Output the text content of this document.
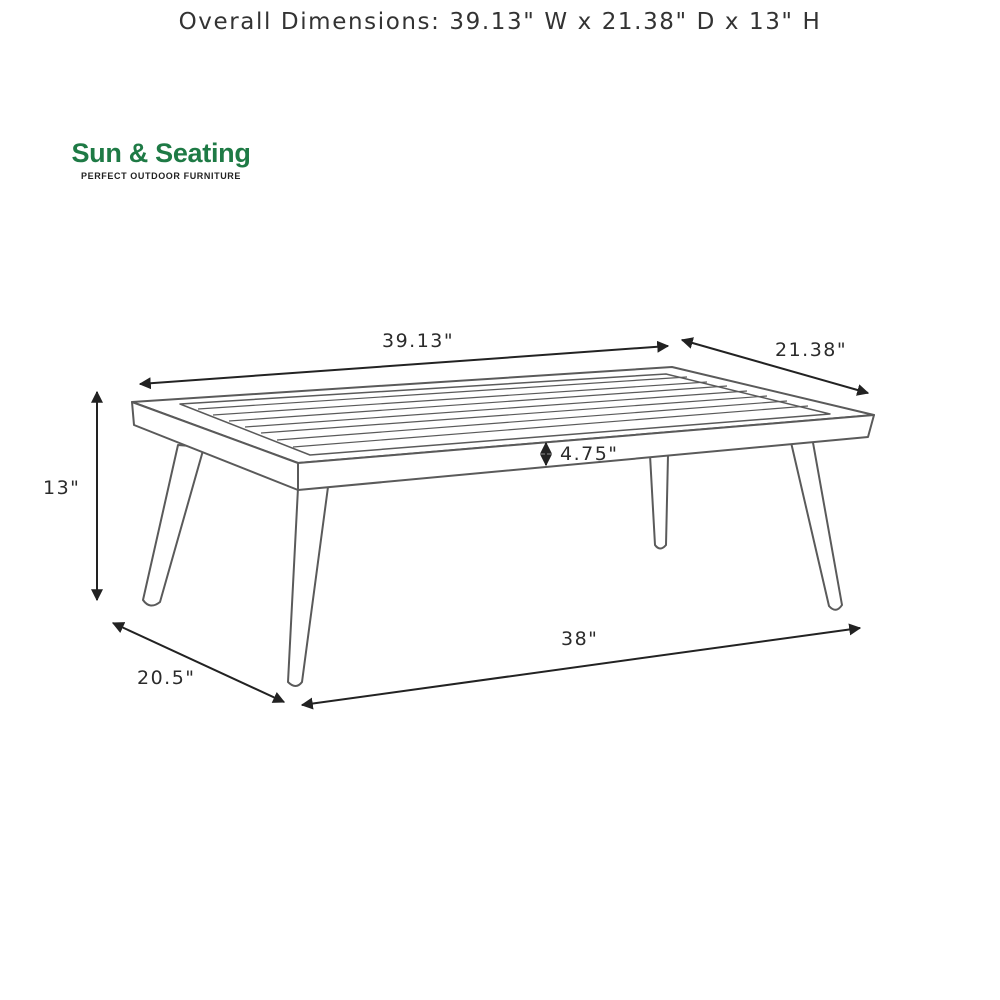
Overall Dimensions: 39.13" W x 21.38" D x 13" H
Sun & Seating
PERFECT OUTDOOR FURNITURE
39.13"	21.38"
13"
4.75"
38"
20.5"
